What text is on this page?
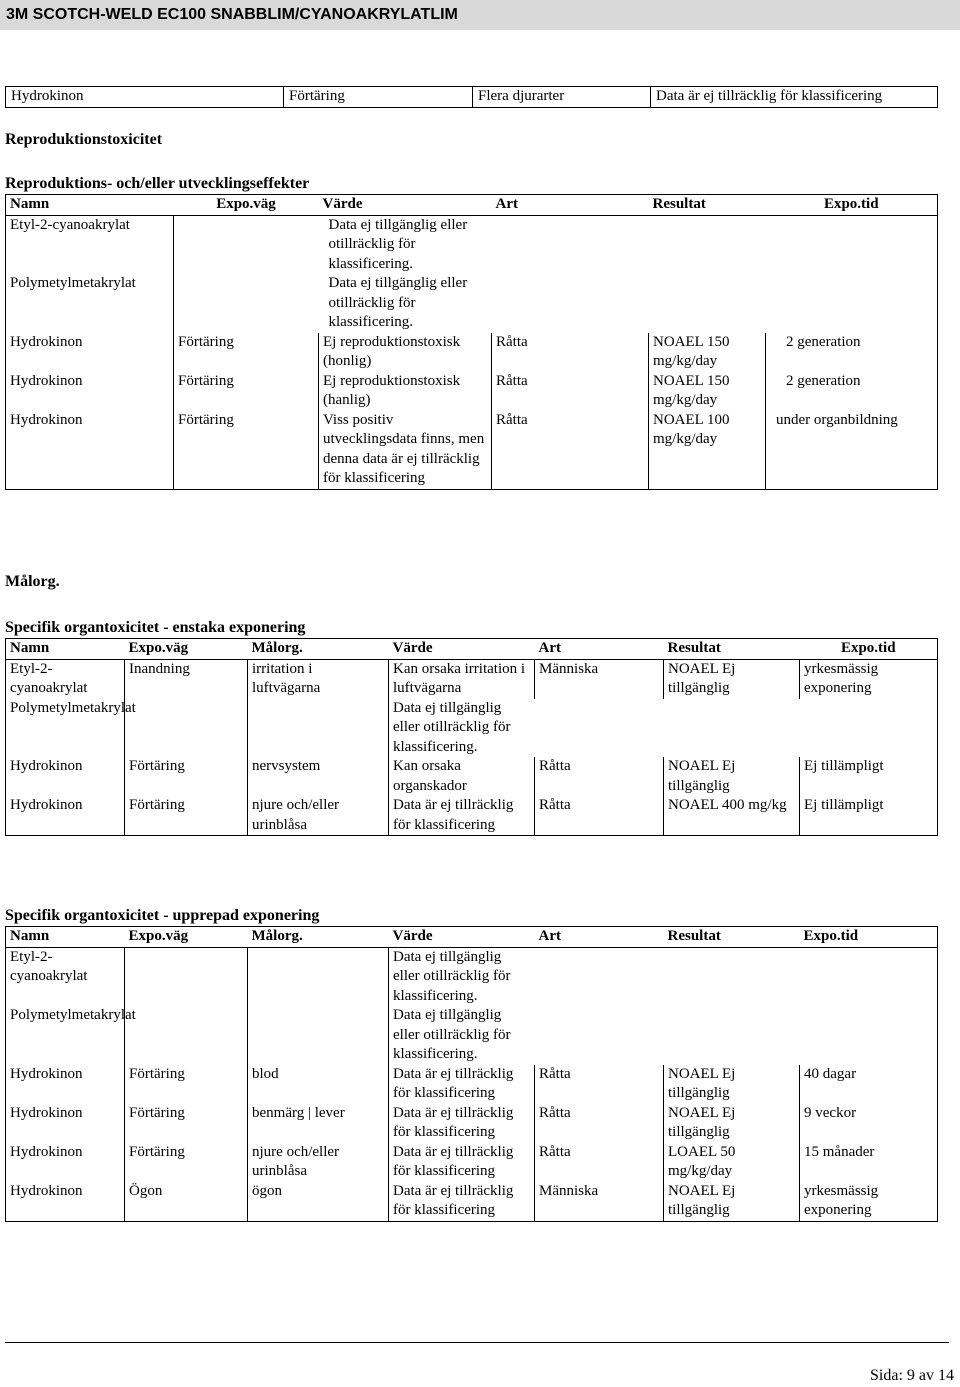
3M SCOTCH-WELD EC100 SNABBLIM/CYANOAKRYLATLIM
Hydrokinon	Förtäring	Flera djurarter	Data är ej tillräcklig för klassificering
Reproduktionstoxicitet
Reproduktions- och/eller utvecklingseffekter
Namn	Expo.väg	Värde	Art	Resultat	Expo.tid
Etyl-2-cyanoakrylat		Data ej tillgänglig eller otillräcklig för klassificering.			
Polymetylmetakrylat		Data ej tillgänglig eller otillräcklig för klassificering.			
Hydrokinon	Förtäring	Ej reproduktionstoxisk (honlig)	Råtta	NOAEL 150 mg/kg/day	2 generation
Hydrokinon	Förtäring	Ej reproduktionstoxisk (hanlig)	Råtta	NOAEL 150 mg/kg/day	2 generation
Hydrokinon	Förtäring	Viss positiv utvecklingsdata finns, men denna data är ej tillräcklig för klassificering	Råtta	NOAEL 100 mg/kg/day	under organbildning
Målorg.
Specifik organtoxicitet - enstaka exponering
Namn	Expo.väg	Målorg.	Värde	Art	Resultat	Expo.tid
Etyl-2-cyanoakrylat	Inandning	irritation i luftvägarna	Kan orsaka irritation i luftvägarna	Människa	NOAEL Ej tillgänglig	yrkesmässig exponering
Polymetylmetakrylat			Data ej tillgänglig eller otillräcklig för klassificering.			
Hydrokinon	Förtäring	nervsystem	Kan orsaka organskador	Råtta	NOAEL Ej tillgänglig	Ej tillämpligt
Hydrokinon	Förtäring	njure och/eller urinblåsa	Data är ej tillräcklig för klassificering	Råtta	NOAEL 400 mg/kg	Ej tillämpligt
Specifik organtoxicitet - upprepad exponering
Namn	Expo.väg	Målorg.	Värde	Art	Resultat	Expo.tid
Etyl-2-cyanoakrylat			Data ej tillgänglig eller otillräcklig för klassificering.			
Polymetylmetakrylat			Data ej tillgänglig eller otillräcklig för klassificering.			
Hydrokinon	Förtäring	blod	Data är ej tillräcklig för klassificering	Råtta	NOAEL Ej tillgänglig	40 dagar
Hydrokinon	Förtäring	benmärg | lever	Data är ej tillräcklig för klassificering	Råtta	NOAEL Ej tillgänglig	9 veckor
Hydrokinon	Förtäring	njure och/eller urinblåsa	Data är ej tillräcklig för klassificering	Råtta	LOAEL 50 mg/kg/day	15 månader
Hydrokinon	Ögon	ögon	Data är ej tillräcklig för klassificering	Människa	NOAEL Ej tillgänglig	yrkesmässig exponering
Sida: 9 av 14
